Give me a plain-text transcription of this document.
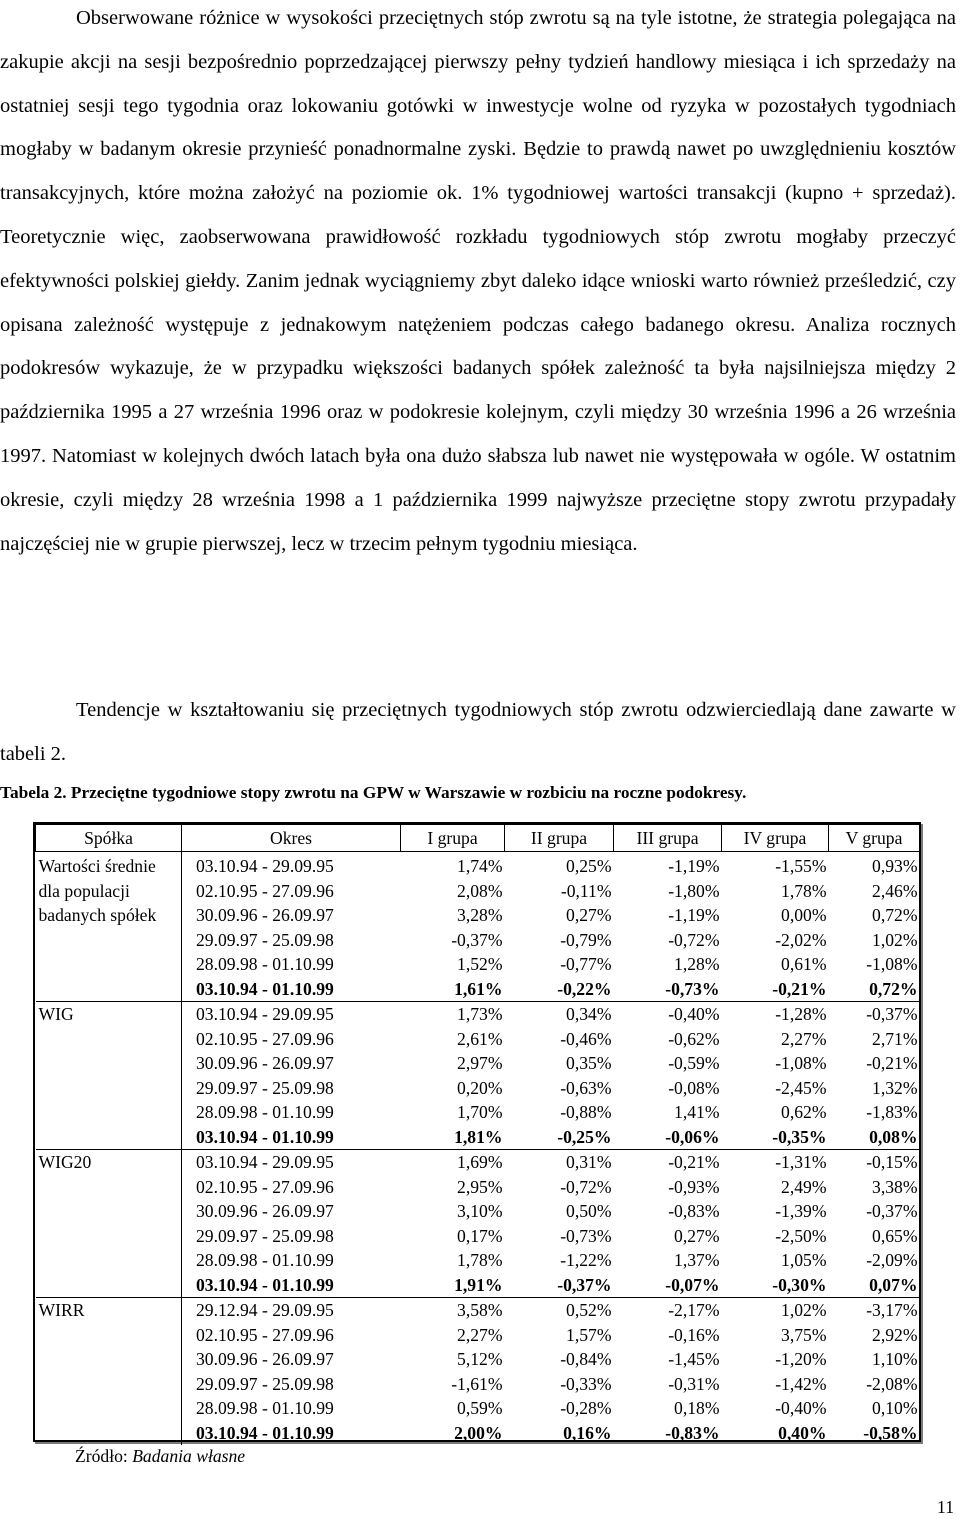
Obserwowane różnice w wysokości przeciętnych stóp zwrotu są na tyle istotne, że strategia polegająca na zakupie akcji na sesji bezpośrednio poprzedzającej pierwszy pełny tydzień handlowy miesiąca i ich sprzedaży na ostatniej sesji tego tygodnia oraz lokowaniu gotówki w inwestycje wolne od ryzyka w pozostałych tygodniach mogłaby w badanym okresie przynieść ponadnormalne zyski. Będzie to prawdą nawet po uwzględnieniu kosztów transakcyjnych, które można założyć na poziomie ok. 1% tygodniowej wartości transakcji (kupno + sprzedaż). Teoretycznie więc, zaobserwowana prawidłowość rozkładu tygodniowych stóp zwrotu mogłaby przeczyć efektywności polskiej giełdy. Zanim jednak wyciągniemy zbyt daleko idące wnioski warto również prześledzić, czy opisana zależność występuje z jednakowym natężeniem podczas całego badanego okresu. Analiza rocznych podokresów wykazuje, że w przypadku większości badanych spółek zależność ta była najsilniejsza między 2 października 1995 a 27 września 1996 oraz w podokresie kolejnym, czyli między 30 września 1996 a 26 września 1997. Natomiast w kolejnych dwóch latach była ona dużo słabsza lub nawet nie występowała w ogóle. W ostatnim okresie, czyli między 28 września 1998 a 1 października 1999 najwyższe przeciętne stopy zwrotu przypadały najczęściej nie w grupie pierwszej, lecz w trzecim pełnym tygodniu miesiąca.

Tendencje w kształtowaniu się przeciętnych tygodniowych stóp zwrotu odzwierciedlają dane zawarte w tabeli 2.

Tabela 2. Przeciętne tygodniowe stopy zwrotu na GPW w Warszawie w rozbiciu na roczne podokresy.
Spółka	Okres	I grupa	II grupa	III grupa	IV grupa	V grupa
Wartości średnie	03.10.94 - 29.09.95	1,74%	0,25%	-1,19%	-1,55%	0,93%
dla populacji	02.10.95 - 27.09.96	2,08%	-0,11%	-1,80%	1,78%	2,46%
badanych spółek	30.09.96 - 26.09.97	3,28%	0,27%	-1,19%	0,00%	0,72%
	29.09.97 - 25.09.98	-0,37%	-0,79%	-0,72%	-2,02%	1,02%
	28.09.98 - 01.10.99	1,52%	-0,77%	1,28%	0,61%	-1,08%
	03.10.94 - 01.10.99	1,61%	-0,22%	-0,73%	-0,21%	0,72%
WIG	03.10.94 - 29.09.95	1,73%	0,34%	-0,40%	-1,28%	-0,37%
	02.10.95 - 27.09.96	2,61%	-0,46%	-0,62%	2,27%	2,71%
	30.09.96 - 26.09.97	2,97%	0,35%	-0,59%	-1,08%	-0,21%
	29.09.97 - 25.09.98	0,20%	-0,63%	-0,08%	-2,45%	1,32%
	28.09.98 - 01.10.99	1,70%	-0,88%	1,41%	0,62%	-1,83%
	03.10.94 - 01.10.99	1,81%	-0,25%	-0,06%	-0,35%	0,08%
WIG20	03.10.94 - 29.09.95	1,69%	0,31%	-0,21%	-1,31%	-0,15%
	02.10.95 - 27.09.96	2,95%	-0,72%	-0,93%	2,49%	3,38%
	30.09.96 - 26.09.97	3,10%	0,50%	-0,83%	-1,39%	-0,37%
	29.09.97 - 25.09.98	0,17%	-0,73%	0,27%	-2,50%	0,65%
	28.09.98 - 01.10.99	1,78%	-1,22%	1,37%	1,05%	-2,09%
	03.10.94 - 01.10.99	1,91%	-0,37%	-0,07%	-0,30%	0,07%
WIRR	29.12.94 - 29.09.95	3,58%	0,52%	-2,17%	1,02%	-3,17%
	02.10.95 - 27.09.96	2,27%	1,57%	-0,16%	3,75%	2,92%
	30.09.96 - 26.09.97	5,12%	-0,84%	-1,45%	-1,20%	1,10%
	29.09.97 - 25.09.98	-1,61%	-0,33%	-0,31%	-1,42%	-2,08%
	28.09.98 - 01.10.99	0,59%	-0,28%	0,18%	-0,40%	0,10%
	03.10.94 - 01.10.99	2,00%	0,16%	-0,83%	0,40%	-0,58%
Źródło: Badania własne
11
